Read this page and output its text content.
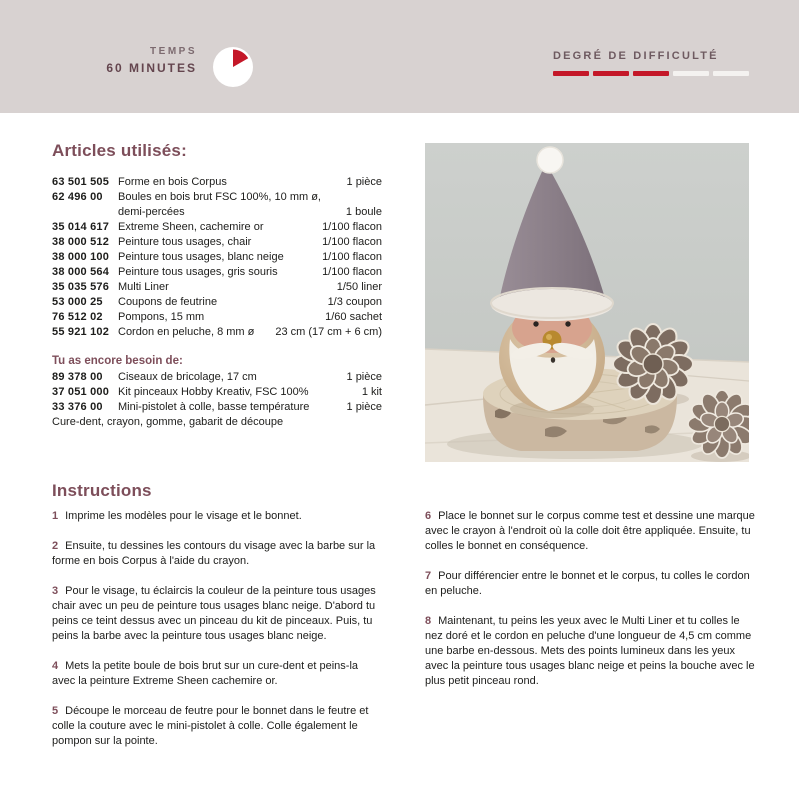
TEMPS
60 MINUTES
DEGRÉ DE DIFFICULTÉ
Articles utilisés:
63 501 505 Forme en bois Corpus	1 pièce
62 496 00	Boules en bois brut FSC 100%, 10 mm ø, demi-percées	1 boule
35 014 617 Extreme Sheen, cachemire or	1/100 flacon
38 000 512 Peinture tous usages, chair	1/100 flacon
38 000 100 Peinture tous usages, blanc neige	1/100 flacon
38 000 564 Peinture tous usages, gris souris	1/100 flacon
35 035 576 Multi Liner	1/50 liner
53 000 25	Coupons de feutrine	1/3 coupon
76 512 02	Pompons, 15 mm	1/60 sachet
55 921 102 Cordon en peluche, 8 mm ø	23 cm (17 cm + 6 cm)
Tu as encore besoin de:
89 378 00	Ciseaux de bricolage, 17 cm	1 pièce
37 051 000 Kit pinceaux Hobby Kreativ, FSC 100%	1 kit
33 376 00	Mini-pistolet à colle, basse température	1 pièce
Cure-dent, crayon, gomme, gabarit de découpe
Instructions

1 Imprime les modèles pour le visage et le bonnet.

2 Ensuite, tu dessines les contours du visage avec la barbe sur la forme en bois Corpus à l'aide du crayon.

3 Pour le visage, tu éclaircis la couleur de la peinture tous usages chair avec un peu de peinture tous usages blanc neige. D'abord tu peins ce teint dessus avec un pinceau du kit de pinceaux. Puis, tu peins la barbe avec la peinture tous usages blanc neige.

4 Mets la petite boule de bois brut sur un cure-dent et peins-la avec la peinture Extreme Sheen cachemire or.

5 Découpe le morceau de feutre pour le bonnet dans le feutre et colle la couture avec le mini-pistolet à colle. Colle également le pompon sur la pointe.

6 Place le bonnet sur le corpus comme test et dessine une marque avec le crayon à l'endroit où la colle doit être appliquée. Ensuite, tu colles le bonnet en conséquence.

7 Pour différencier entre le bonnet et le corpus, tu colles le cordon en peluche.

8 Maintenant, tu peins les yeux avec le Multi Liner et tu colles le nez doré et le cordon en peluche d'une longueur de 4,5 cm comme une barbe en-dessous. Mets des points lumineux dans les yeux avec la peinture tous usages blanc neige et peins la bouche avec le plus petit pinceau rond.
